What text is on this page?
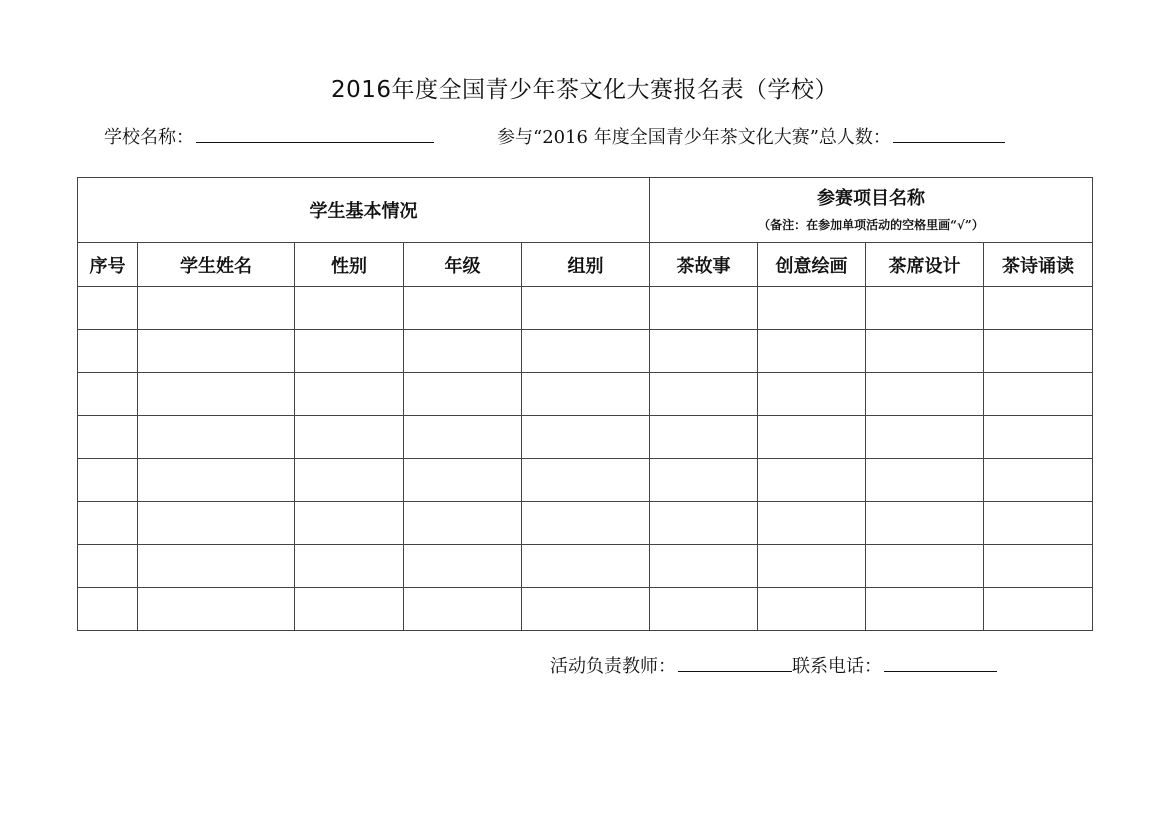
2016年度全国青少年茶文化大赛报名表（学校）
学校名称：	参与“2016 年度全国青少年茶文化大赛”总人数：
学生基本情况					参赛项目名称
（备注：在参加单项活动的空格里画“√”）			

序号	学生姓名	性别	年级	组别	茶故事	创意绘画	茶席设计	茶诗诵读

活动负责教师：	联系电话：
